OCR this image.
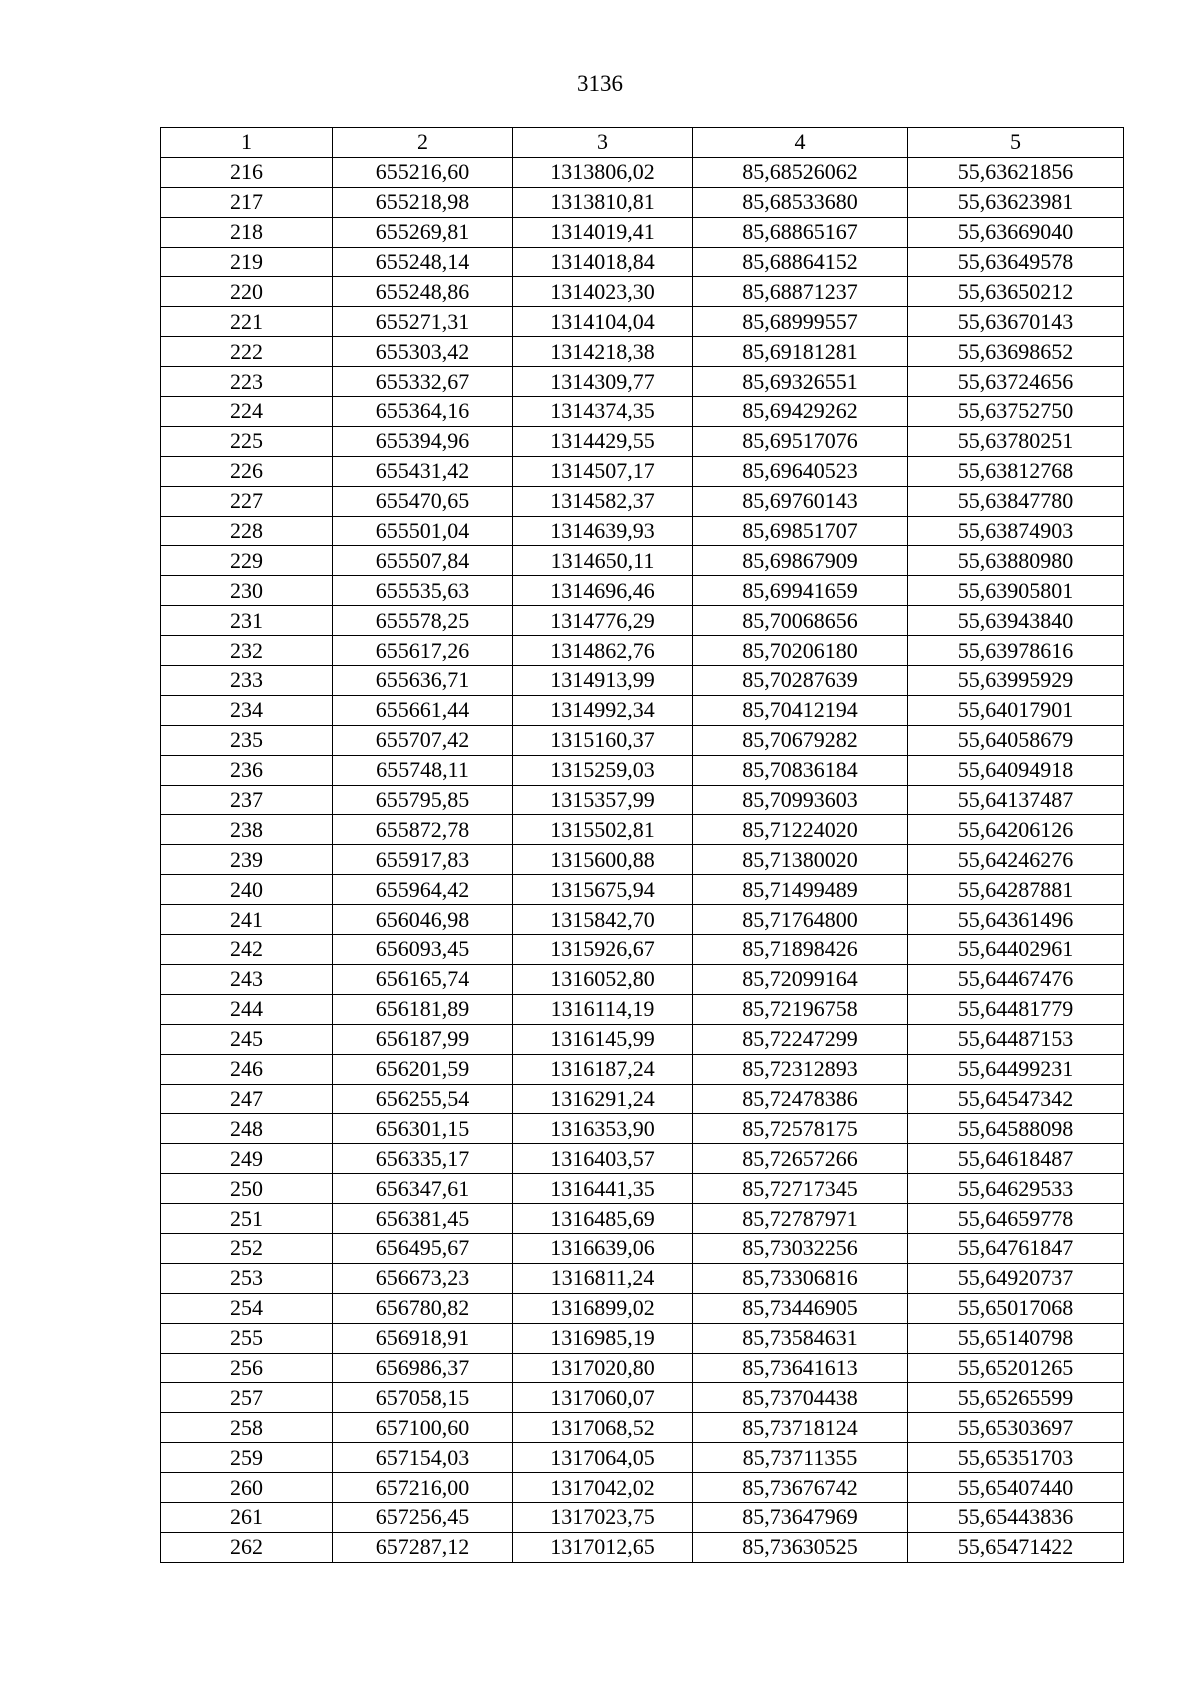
3136
1	2	3	4	5
216	655216,60	1313806,02	85,68526062	55,63621856
217	655218,98	1313810,81	85,68533680	55,63623981
218	655269,81	1314019,41	85,68865167	55,63669040
219	655248,14	1314018,84	85,68864152	55,63649578
220	655248,86	1314023,30	85,68871237	55,63650212
221	655271,31	1314104,04	85,68999557	55,63670143
222	655303,42	1314218,38	85,69181281	55,63698652
223	655332,67	1314309,77	85,69326551	55,63724656
224	655364,16	1314374,35	85,69429262	55,63752750
225	655394,96	1314429,55	85,69517076	55,63780251
226	655431,42	1314507,17	85,69640523	55,63812768
227	655470,65	1314582,37	85,69760143	55,63847780
228	655501,04	1314639,93	85,69851707	55,63874903
229	655507,84	1314650,11	85,69867909	55,63880980
230	655535,63	1314696,46	85,69941659	55,63905801
231	655578,25	1314776,29	85,70068656	55,63943840
232	655617,26	1314862,76	85,70206180	55,63978616
233	655636,71	1314913,99	85,70287639	55,63995929
234	655661,44	1314992,34	85,70412194	55,64017901
235	655707,42	1315160,37	85,70679282	55,64058679
236	655748,11	1315259,03	85,70836184	55,64094918
237	655795,85	1315357,99	85,70993603	55,64137487
238	655872,78	1315502,81	85,71224020	55,64206126
239	655917,83	1315600,88	85,71380020	55,64246276
240	655964,42	1315675,94	85,71499489	55,64287881
241	656046,98	1315842,70	85,71764800	55,64361496
242	656093,45	1315926,67	85,71898426	55,64402961
243	656165,74	1316052,80	85,72099164	55,64467476
244	656181,89	1316114,19	85,72196758	55,64481779
245	656187,99	1316145,99	85,72247299	55,64487153
246	656201,59	1316187,24	85,72312893	55,64499231
247	656255,54	1316291,24	85,72478386	55,64547342
248	656301,15	1316353,90	85,72578175	55,64588098
249	656335,17	1316403,57	85,72657266	55,64618487
250	656347,61	1316441,35	85,72717345	55,64629533
251	656381,45	1316485,69	85,72787971	55,64659778
252	656495,67	1316639,06	85,73032256	55,64761847
253	656673,23	1316811,24	85,73306816	55,64920737
254	656780,82	1316899,02	85,73446905	55,65017068
255	656918,91	1316985,19	85,73584631	55,65140798
256	656986,37	1317020,80	85,73641613	55,65201265
257	657058,15	1317060,07	85,73704438	55,65265599
258	657100,60	1317068,52	85,73718124	55,65303697
259	657154,03	1317064,05	85,73711355	55,65351703
260	657216,00	1317042,02	85,73676742	55,65407440
261	657256,45	1317023,75	85,73647969	55,65443836
262	657287,12	1317012,65	85,73630525	55,65471422
